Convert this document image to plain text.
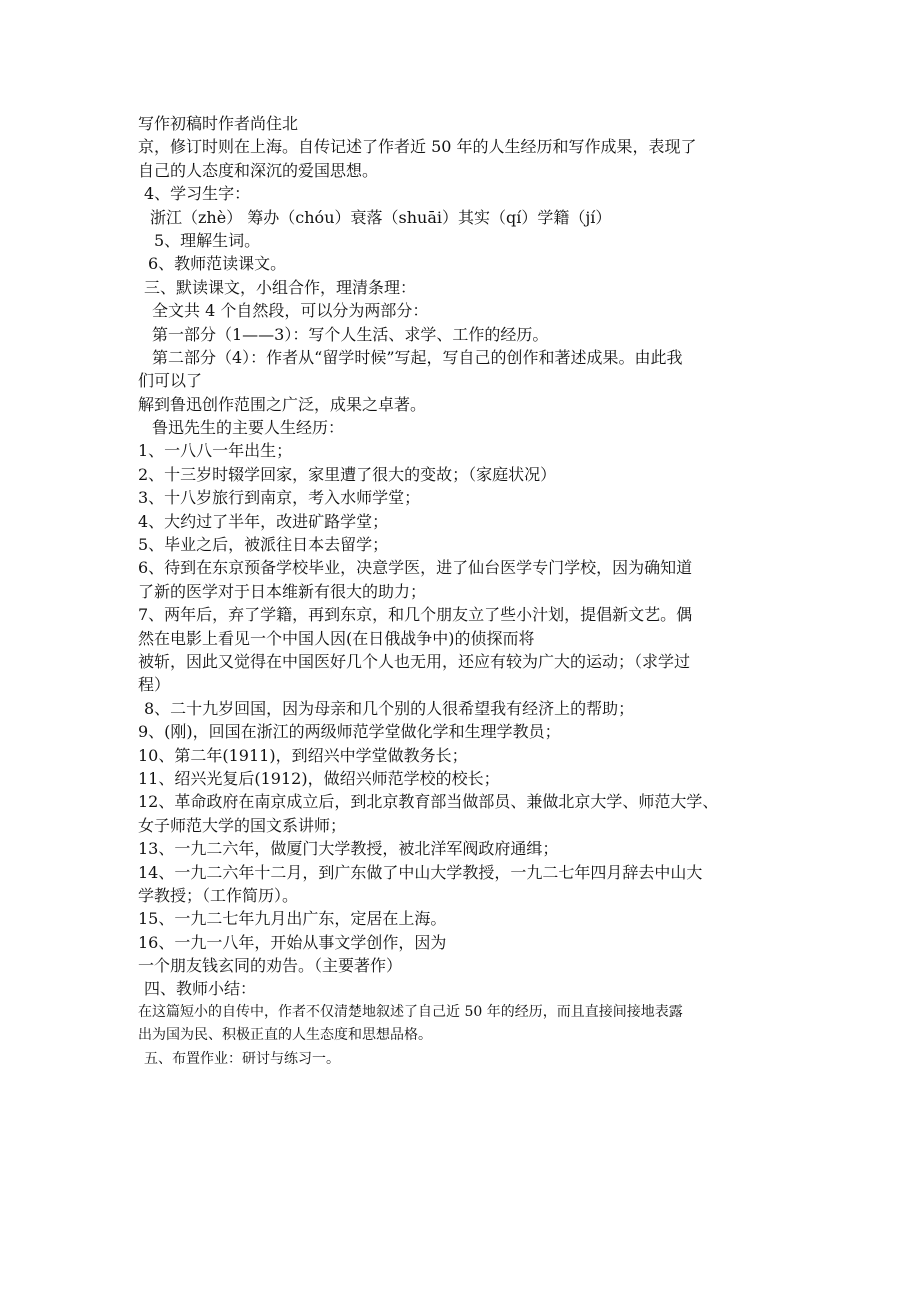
写作初稿时作者尚住北
京，修订时则在上海。自传记述了作者近 50 年的人生经历和写作成果，表现了
自己的人态度和深沉的爱国思想。
4、学习生字：
浙江（zhè） 筹办（chóu）衰落（shuāi）其实（qí）学籍（jí）
5、理解生词。
6、教师范读课文。
三、默读课文，小组合作，理清条理：
全文共 4 个自然段，可以分为两部分：
第一部分（1——3）：写个人生活、求学、工作的经历。
第二部分（4）：作者从“留学时候”写起，写自己的创作和著述成果。由此我
们可以了
解到鲁迅创作范围之广泛，成果之卓著。
鲁迅先生的主要人生经历：
1、一八八一年出生；
2、十三岁时辍学回家，家里遭了很大的变故；（家庭状况）
3、十八岁旅行到南京，考入水师学堂；
4、大约过了半年，改进矿路学堂；
5、毕业之后，被派往日本去留学；
6、待到在东京预备学校毕业，决意学医，进了仙台医学专门学校，因为确知道
了新的医学对于日本维新有很大的助力；
7、两年后，弃了学籍，再到东京，和几个朋友立了些小汁划，提倡新文艺。偶
然在电影上看见一个中国人因(在日俄战争中)的侦探而将
被斩，因此又觉得在中国医好几个人也无用，还应有较为广大的运动；（求学过
程）
8、二十九岁回国，因为母亲和几个别的人很希望我有经济上的帮助；
9、(刚)，回国在浙江的两级师范学堂做化学和生理学教员；
10、第二年(1911)，到绍兴中学堂做教务长；
11、绍兴光复后(1912)，做绍兴师范学校的校长；
12、革命政府在南京成立后，到北京教育部当做部员、兼做北京大学、师范大学、
女子师范大学的国文系讲师；
13、一九二六年，做厦门大学教授，被北洋军阀政府通缉；
14、一九二六年十二月，到广东做了中山大学教授，一九二七年四月辞去中山大
学教授；（工作简历）。
15、一九二七年九月出广东，定居在上海。
16、一九一八年，开始从事文学创作，因为
一个朋友钱玄同的劝告。（主要著作）
四、教师小结：
在这篇短小的自传中，作者不仅清楚地叙述了自己近 50 年的经历，而且直接间接地表露
出为国为民、积极正直的人生态度和思想品格。
五、布置作业：研讨与练习一。
